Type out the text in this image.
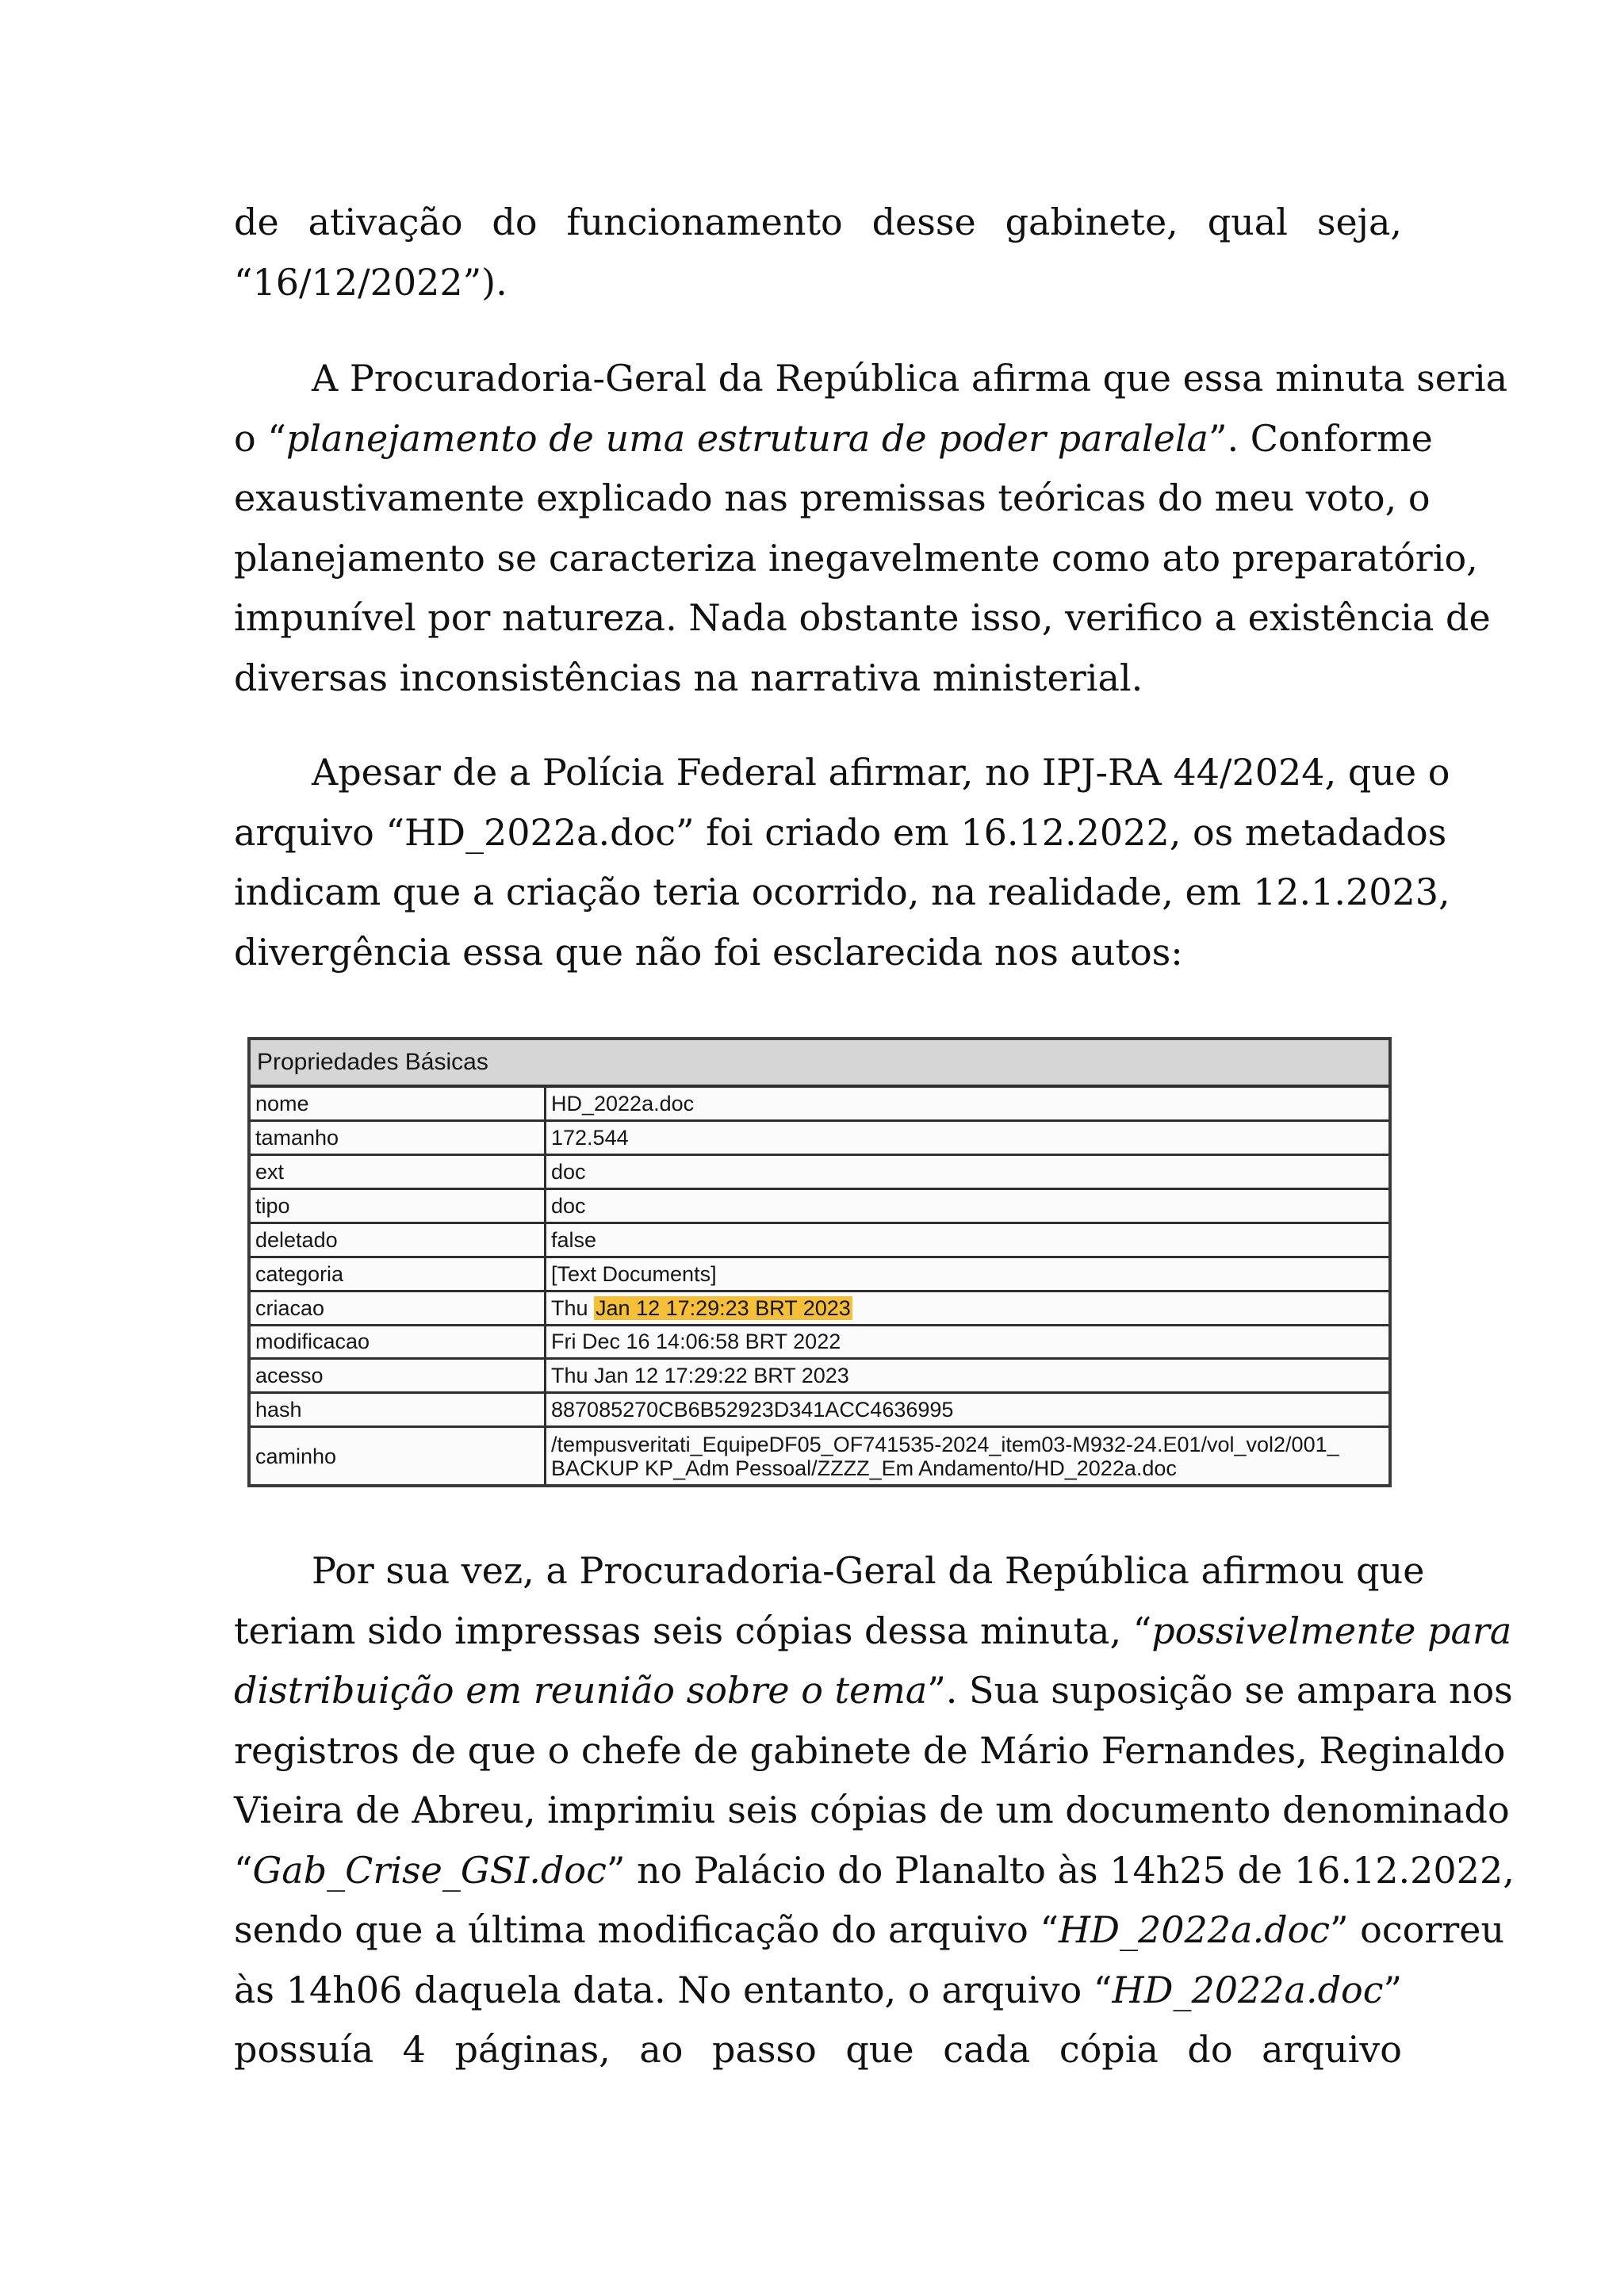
de ativação do funcionamento desse gabinete, qual seja,
“16/12/2022”).
A Procuradoria-Geral da República afirma que essa minuta seria
o “planejamento de uma estrutura de poder paralela”. Conforme
exaustivamente explicado nas premissas teóricas do meu voto, o
planejamento se caracteriza inegavelmente como ato preparatório,
impunível por natureza. Nada obstante isso, verifico a existência de
diversas inconsistências na narrativa ministerial.
Apesar de a Polícia Federal afirmar, no IPJ-RA 44/2024, que o
arquivo “HD_2022a.doc” foi criado em 16.12.2022, os metadados
indicam que a criação teria ocorrido, na realidade, em 12.1.2023,
divergência essa que não foi esclarecida nos autos:
Propriedades Básicas	
nome	HD_2022a.doc
tamanho	172.544
ext	doc
tipo	doc
deletado	false
categoria	[Text Documents]
criacao	Thu Jan 12 17:29:23 BRT 2023
modificacao	Fri Dec 16 14:06:58 BRT 2022
acesso	Thu Jan 12 17:29:22 BRT 2023
hash	887085270CB6B52923D341ACC4636995
caminho	/tempusveritati_EquipeDF05_OF741535-2024_item03-M932-24.E01/vol_vol2/001_
BACKUP KP_Adm Pessoal/ZZZZ_Em Andamento/HD_2022a.doc
Por sua vez, a Procuradoria-Geral da República afirmou que
teriam sido impressas seis cópias dessa minuta, “possivelmente para
distribuição em reunião sobre o tema”. Sua suposição se ampara nos
registros de que o chefe de gabinete de Mário Fernandes, Reginaldo
Vieira de Abreu, imprimiu seis cópias de um documento denominado
“Gab_Crise_GSI.doc” no Palácio do Planalto às 14h25 de 16.12.2022,
sendo que a última modificação do arquivo “HD_2022a.doc” ocorreu
às 14h06 daquela data. No entanto, o arquivo “HD_2022a.doc”
possuía 4 páginas, ao passo que cada cópia do arquivo
